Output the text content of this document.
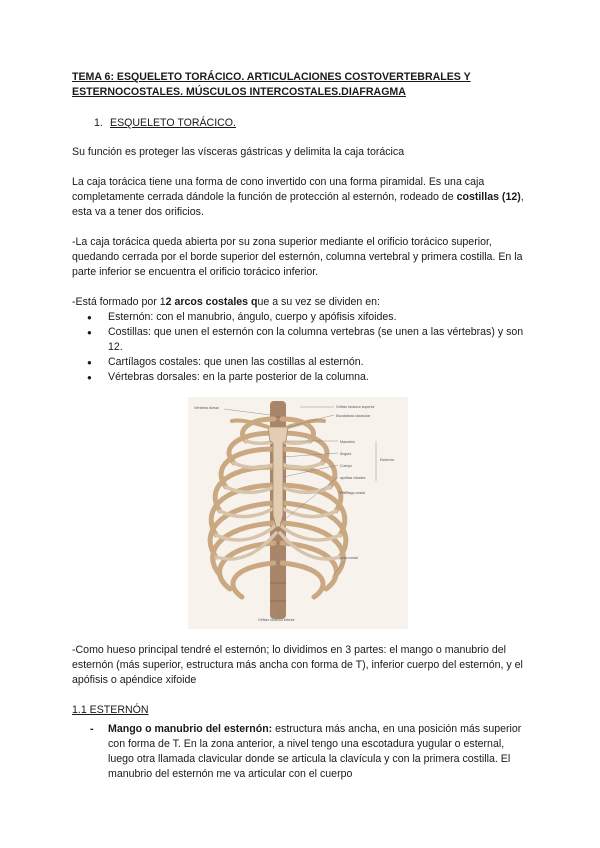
TEMA 6: ESQUELETO TORÁCICO. ARTICULACIONES COSTOVERTEBRALES Y
ESTERNOCOSTALES. MÚSCULOS INTERCOSTALES.DIAFRAGMA
1. ESQUELETO TORÁCICO.

Su función es proteger las vísceras gástricas y delimita la caja torácica

La caja torácica tiene una forma de cono invertido con una forma piramidal. Es una caja completamente cerrada dándole la función de protección al esternón, rodeado de costillas (12), esta va a tener dos orificios.

-La caja torácica queda abierta por su zona superior mediante el orificio torácico superior, quedando cerrada por el borde superior del esternón, columna vertebral y primera costilla. En la parte inferior se encuentra el orificio torácico inferior.

-Está formado por 12 arcos costales que a su vez se dividen en:

● Esternón: con el manubrio, ángulo, cuerpo y apófisis xifoides.
● Costillas: que unen el esternón con la columna vertebras (se unen a las vértebras) y son 12.
● Cartílagos costales: que unen las costillas al esternón.
● Vértebras dorsales: en la parte posterior de la columna.
Vértebra dorsal	Orificio torácico superior
Escotadura clavicular
Manubrio
Ángulo
Cuerpo
apófisis xifoides
Esternón
Cartílago costal
Arco costal
Orificio torácico inferior

-Como hueso principal tendré el esternón; lo dividimos en 3 partes: el mango o manubrio del esternón (más superior, estructura más ancha con forma de T), inferior cuerpo del esternón, y el apófisis o apéndice xifoide

1.1 ESTERNÓN
- Mango o manubrio del esternón: estructura más ancha, en una posición más superior con forma de T. En la zona anterior, a nivel tengo una escotadura yugular o esternal, luego otra llamada clavicular donde se articula la clavícula y con la primera costilla. El manubrio del esternón me va articular con el cuerpo
